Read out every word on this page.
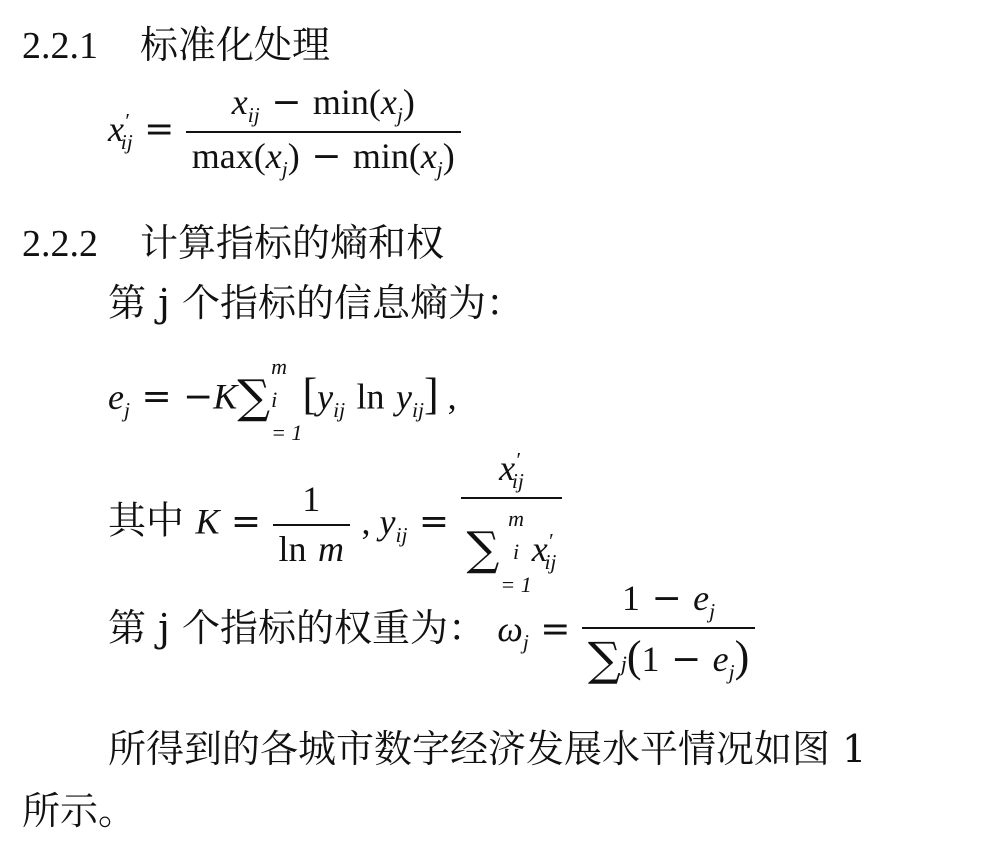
2.2.1 标准化处理
$x'_{ij} = \frac{x_{ij} - \min(x_j)}{\max(x_j) - \min(x_j)}$
2.2.2 计算指标的熵和权
第 j 个指标的信息熵为：
$e_j = -K\sum$
m
i
= 1
[$y_{ij}$ $\ln y_{ij}$] ,
其中 $K = \frac{1}{\text{ln m}}$ , $y_{ij} = x'_{ij}$
∑
m
i
= 1
$x'_{ij}$
第 j 个指标的权重为： $\omega_j = \frac{1 - e_j}{\sum j(1 - e_j)}$
所得到的各城市数字经济发展水平情况如图 1
所示。
